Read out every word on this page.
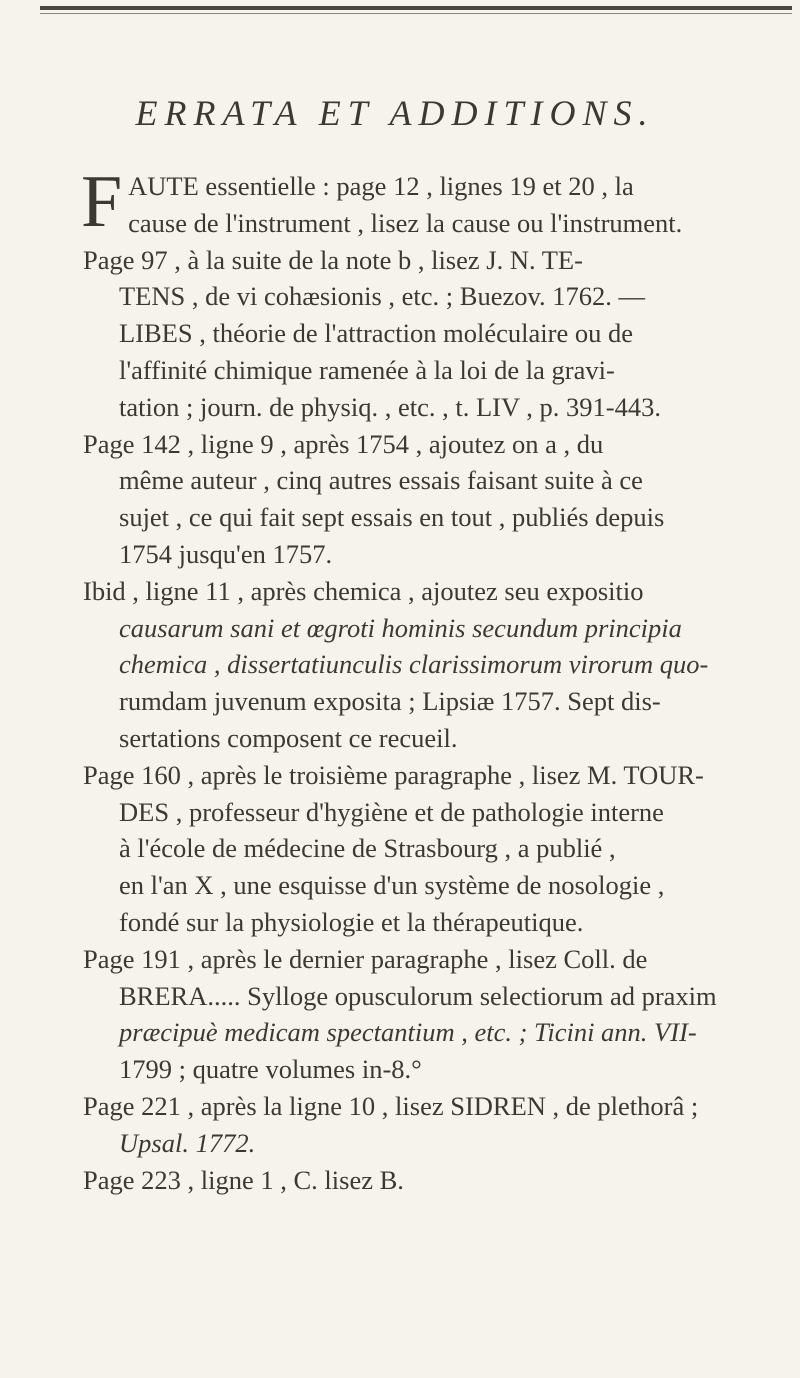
ERRATA ET ADDITIONS.
F AUTE essentielle : page 12 , lignes 19 et 20 , la
cause de l'instrument , lisez la cause ou l'instrument.
Page 97 , à la suite de la note b , lisez J. N. TE-
TENS , de vi cohæsionis , etc. ; Buezov. 1762. —
LIBES , théorie de l'attraction moléculaire ou de
l'affinité chimique ramenée à la loi de la gravi-
tation ; journ. de physiq. , etc. , t. LIV , p. 391-443.
Page 142 , ligne 9 , après 1754 , ajoutez on a , du
même auteur , cinq autres essais faisant suite à ce
sujet , ce qui fait sept essais en tout , publiés depuis
1754 jusqu'en 1757.
Ibid , ligne 11 , après chemica , ajoutez seu expositio
causarum sani et œgroti hominis secundum principia
chemica , dissertatiunculis clarissimorum virorum quo-
rumdam juvenum exposita ; Lipsiæ 1757. Sept dis-
sertations composent ce recueil.
Page 160 , après le troisième paragraphe , lisez M. TOUR-
DES , professeur d'hygiène et de pathologie interne
à l'école de médecine de Strasbourg , a publié ,
en l'an X , une esquisse d'un système de nosologie ,
fondé sur la physiologie et la thérapeutique.
Page 191 , après le dernier paragraphe , lisez Coll. de
BRERA..... Sylloge opusculorum selectiorum ad praxim
præcipuè medicam spectantium , etc. ; Ticini ann. VII-
1799 ; quatre volumes in-8.°
Page 221 , après la ligne 10 , lisez SIDREN , de plethorâ ;
Upsal. 1772.
Page 223 , ligne 1 , C. lisez B.
